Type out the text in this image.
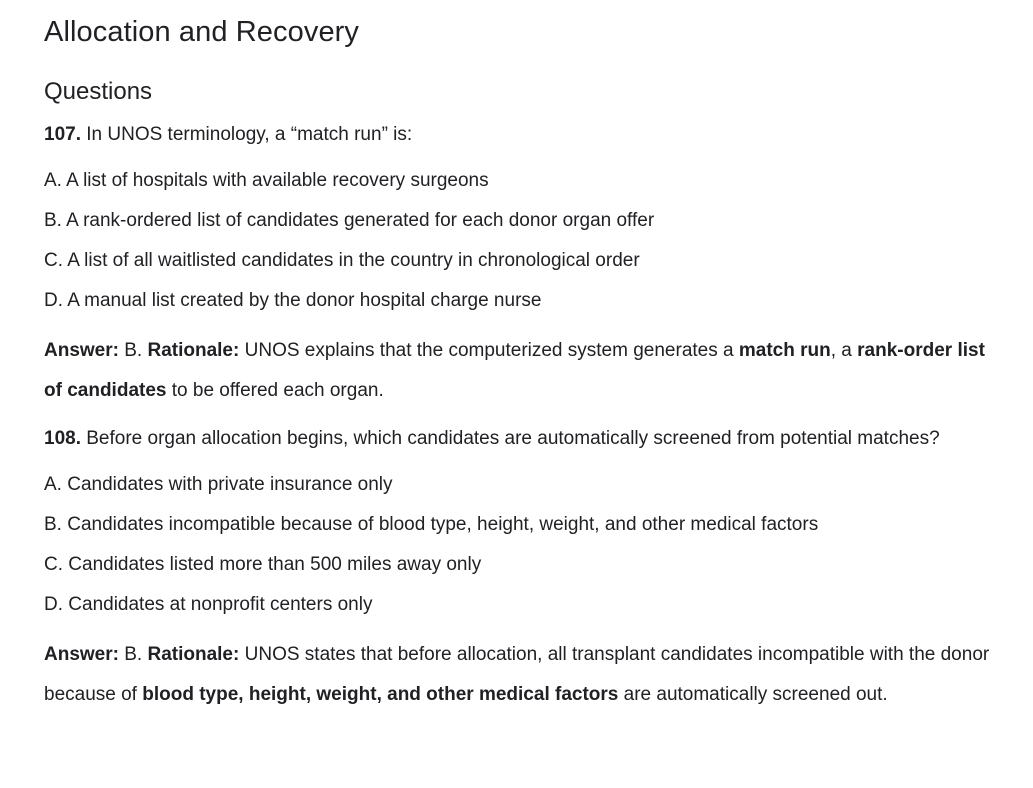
Allocation and Recovery
Questions

107. In UNOS terminology, a “match run” is:

A. A list of hospitals with available recovery surgeons
B. A rank-ordered list of candidates generated for each donor organ offer
C. A list of all waitlisted candidates in the country in chronological order
D. A manual list created by the donor hospital charge nurse

Answer: B. Rationale: UNOS explains that the computerized system generates a match run, a rank-order list of candidates to be offered each organ.

108. Before organ allocation begins, which candidates are automatically screened from potential matches?

A. Candidates with private insurance only
B. Candidates incompatible because of blood type, height, weight, and other medical factors
C. Candidates listed more than 500 miles away only
D. Candidates at nonprofit centers only

Answer: B. Rationale: UNOS states that before allocation, all transplant candidates incompatible with the donor because of blood type, height, weight, and other medical factors are automatically screened out.
